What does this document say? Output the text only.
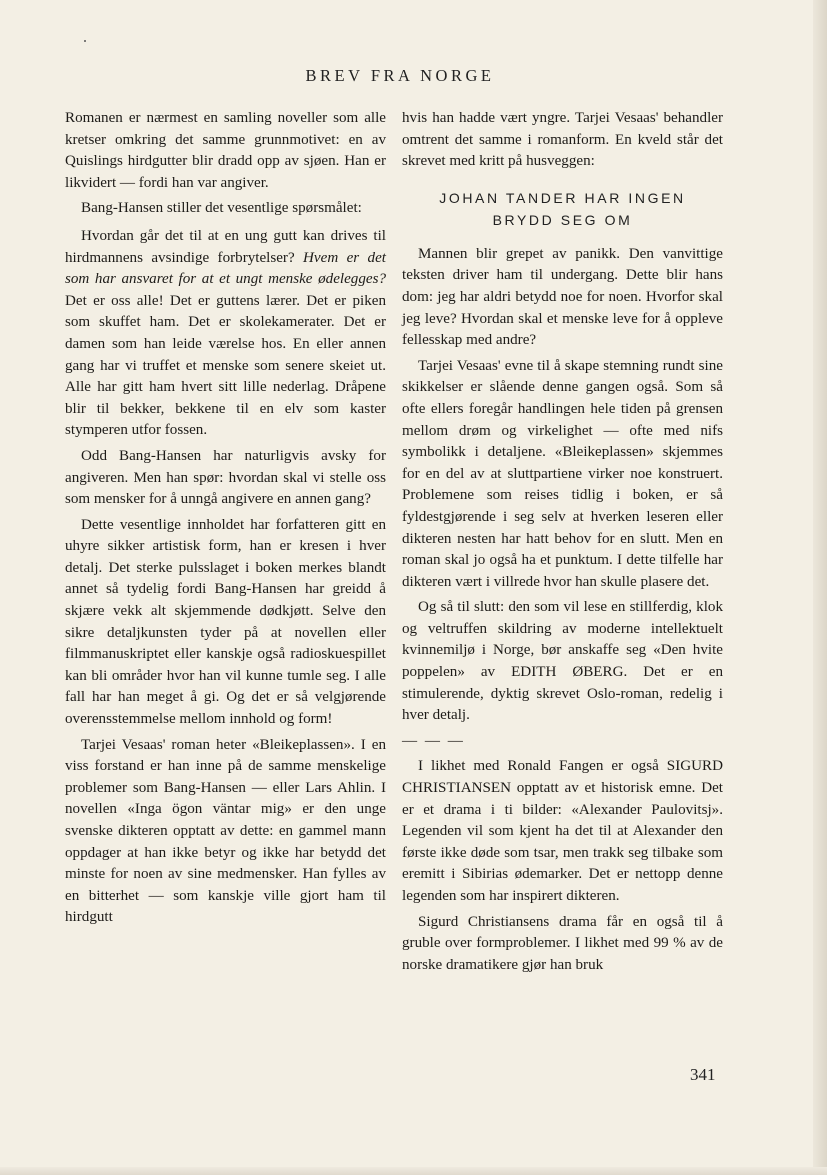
BREV FRA NORGE

Romanen er nærmest en samling noveller som alle kretser omkring det samme grunnmotivet: en av Quislings hirdgutter blir dradd opp av sjøen. Han er likvidert — fordi han var angiver.

Bang-Hansen stiller det vesentlige spørsmålet:

Hvordan går det til at en ung gutt kan drives til hirdmannens avsindige forbrytelser? Hvem er det som har ansvaret for at et ungt menske ødelegges? Det er oss alle! Det er guttens lærer. Det er piken som skuffet ham. Det er skolekamerater. Det er damen som han leide værelse hos. En eller annen gang har vi truffet et menske som senere skeiet ut. Alle har gitt ham hvert sitt lille nederlag. Dråpene blir til bekker, bekkene til en elv som kaster stymperen utfor fossen.

Odd Bang-Hansen har naturligvis avsky for angiveren. Men han spør: hvordan skal vi stelle oss som mensker for å unngå angivere en annen gang?

Dette vesentlige innholdet har forfatteren gitt en uhyre sikker artistisk form, han er kresen i hver detalj. Det sterke pulsslaget i boken merkes blandt annet så tydelig fordi Bang-Hansen har greidd å skjære vekk alt skjemmende dødkjøtt. Selve den sikre detaljkunsten tyder på at novellen eller filmmanuskriptet eller kanskje også radioskuespillet kan bli områder hvor han vil kunne tumle seg. I alle fall har han meget å gi. Og det er så velgjørende overensstemmelse mellom innhold og form!

Tarjei Vesaas' roman heter «Bleikeplassen». I en viss forstand er han inne på de samme menskelige problemer som Bang-Hansen — eller Lars Ahlin. I novellen «Inga ögon väntar mig» er den unge svenske dikteren opptatt av dette: en gammel mann oppdager at han ikke betyr og ikke har betydd det minste for noen av sine medmensker. Han fylles av en bitterhet — som kanskje ville gjort ham til hirdgutt

hvis han hadde vært yngre. Tarjei Vesaas' behandler omtrent det samme i romanform. En kveld står det skrevet med kritt på husveggen:

JOHAN TANDER HAR INGEN
BRYDD SEG OM

Mannen blir grepet av panikk. Den vanvittige teksten driver ham til undergang. Dette blir hans dom: jeg har aldri betydd noe for noen. Hvorfor skal jeg leve? Hvordan skal et menske leve for å oppleve fellesskap med andre?

Tarjei Vesaas' evne til å skape stemning rundt sine skikkelser er slående denne gangen også. Som så ofte ellers foregår handlingen hele tiden på grensen mellom drøm og virkelighet — ofte med nifs symbolikk i detaljene. «Bleikeplassen» skjemmes for en del av at sluttpartiene virker noe konstruert. Problemene som reises tidlig i boken, er så fyldestgjørende i seg selv at hverken leseren eller dikteren nesten har hatt behov for en slutt. Men en roman skal jo også ha et punktum. I dette tilfelle har dikteren vært i villrede hvor han skulle plasere det.

Og så til slutt: den som vil lese en stillferdig, klok og veltruffen skildring av moderne intellektuelt kvinnemiljø i Norge, bør anskaffe seg «Den hvite poppelen» av EDITH ØBERG. Det er en stimulerende, dyktig skrevet Oslo-roman, redelig i hver detalj.

— — —

I likhet med Ronald Fangen er også SIGURD CHRISTIANSEN opptatt av et historisk emne. Det er et drama i ti bilder: «Alexander Paulovitsj». Legenden vil som kjent ha det til at Alexander den første ikke døde som tsar, men trakk seg tilbake som eremitt i Sibirias ødemarker. Det er nettopp denne legenden som har inspirert dikteren.

Sigurd Christiansens drama får en også til å gruble over formproblemer. I likhet med 99 % av de norske dramatikere gjør han bruk

341
